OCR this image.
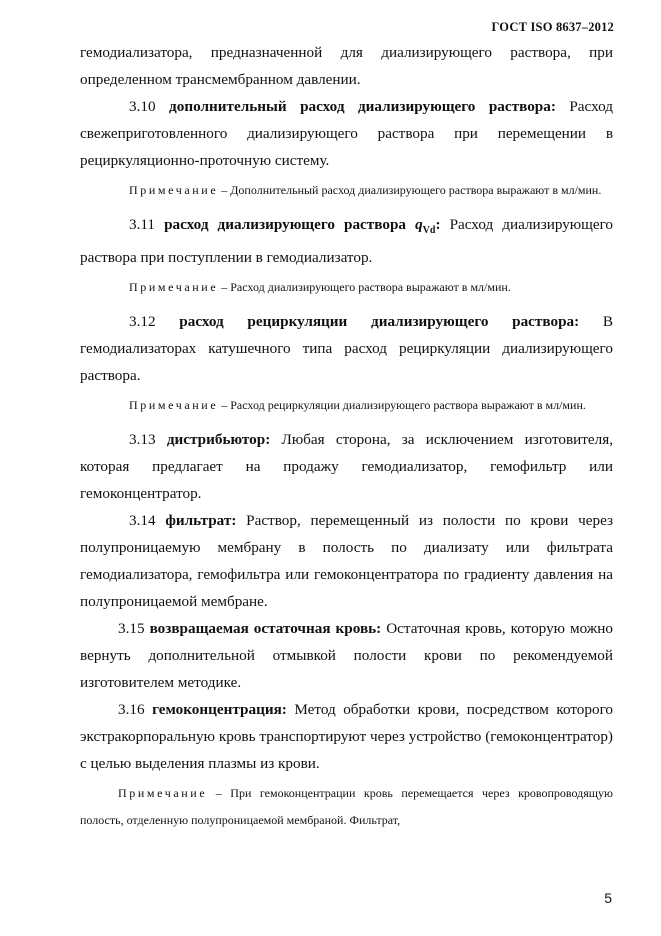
ГОСТ ISO 8637–2012

гемодиализатора, предназначенной для диализирующего раствора, при определенном трансмембранном давлении.

3.10 дополнительный расход диализирующего раствора: Расход свежеприготовленного диализирующего раствора при перемещении в рециркуляционно-проточную систему.

Примечание – Дополнительный расход диализирующего раствора выражают в мл/мин.

3.11 расход диализирующего раствора $q_{Vd}$: Расход диализирующего раствора при поступлении в гемодиализатор.

Примечание – Расход диализирующего раствора выражают в мл/мин.

3.12 расход рециркуляции диализирующего раствора: В гемодиализаторах катушечного типа расход рециркуляции диализирующего раствора.

Примечание – Расход рециркуляции диализирующего раствора выражают в мл/мин.

3.13 дистрибьютор: Любая сторона, за исключением изготовителя, которая предлагает на продажу гемодиализатор, гемофильтр или гемоконцентратор.

3.14 фильтрат: Раствор, перемещенный из полости по крови через полупроницаемую мембрану в полость по диализату или фильтрата гемодиализатора, гемофильтра или гемоконцентратора по градиенту давления на полупроницаемой мембране.

3.15 возвращаемая остаточная кровь: Остаточная кровь, которую можно вернуть дополнительной отмывкой полости крови по рекомендуемой изготовителем методике.

3.16 гемоконцентрация: Метод обработки крови, посредством которого экстракорпоральную кровь транспортируют через устройство (гемоконцентратор) с целью выделения плазмы из крови.

Примечание – При гемоконцентрации кровь перемещается через кровопроводящую полость, отделенную полупроницаемой мембраной. Фильтрат,

5
